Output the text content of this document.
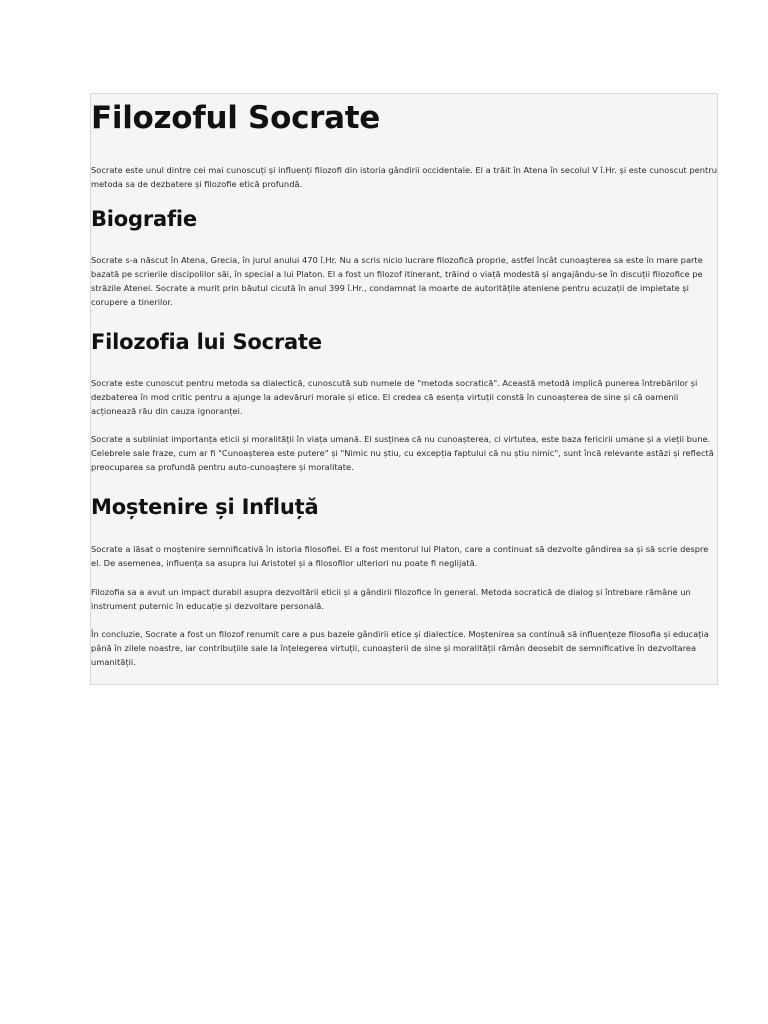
Filozoful Socrate

Socrate este unul dintre cei mai cunoscuți și influenți filozofi din istoria gândirii occidentale. El a trăit în Atena în secolul V î.Hr. și este cunoscut pentru metoda sa de dezbatere și filozofie etică profundă.

Biografie

Socrate s-a născut în Atena, Grecia, în jurul anului 470 î.Hr. Nu a scris nicio lucrare filozofică proprie, astfel încât cunoașterea sa este în mare parte bazată pe scrierile discipolilor săi, în special a lui Platon. El a fost un filozof itinerant, trăind o viață modestă și angajându-se în discuții filozofice pe străzile Atenei. Socrate a murit prin băutul cicută în anul 399 î.Hr., condamnat la moarte de autoritățile ateniene pentru acuzații de impietate și corupere a tinerilor.

Filozofia lui Socrate

Socrate este cunoscut pentru metoda sa dialectică, cunoscută sub numele de "metoda socratică". Această metodă implică punerea întrebărilor și dezbaterea în mod critic pentru a ajunge la adevăruri morale și etice. El credea că esența virtuții constă în cunoașterea de sine și că oamenii acționează rău din cauza ignoranței.

Socrate a subliniat importanța eticii și moralității în viața umană. El susținea că nu cunoașterea, ci virtutea, este baza fericirii umane și a vieții bune. Celebrele sale fraze, cum ar fi "Cunoașterea este putere" și "Nimic nu știu, cu excepția faptului că nu știu nimic", sunt încă relevante astăzi și reflectă preocuparea sa profundă pentru auto-cunoaștere și moralitate.

Moștenire și Influță

Socrate a lăsat o moștenire semnificativă în istoria filosofiei. El a fost mentorul lui Platon, care a continuat să dezvolte gândirea sa și să scrie despre el. De asemenea, influența sa asupra lui Aristotel și a filosofilor ulteriori nu poate fi neglijată.

Filozofia sa a avut un impact durabil asupra dezvoltării eticii și a gândirii filozofice în general. Metoda socratică de dialog și întrebare rămâne un instrument puternic în educație și dezvoltare personală.

În concluzie, Socrate a fost un filozof renumit care a pus bazele gândirii etice și dialectice. Moștenirea sa continuă să influențeze filosofia și educația până în zilele noastre, iar contribuțiile sale la înțelegerea virtuții, cunoașterii de sine și moralității rămân deosebit de semnificative în dezvoltarea umanității.
